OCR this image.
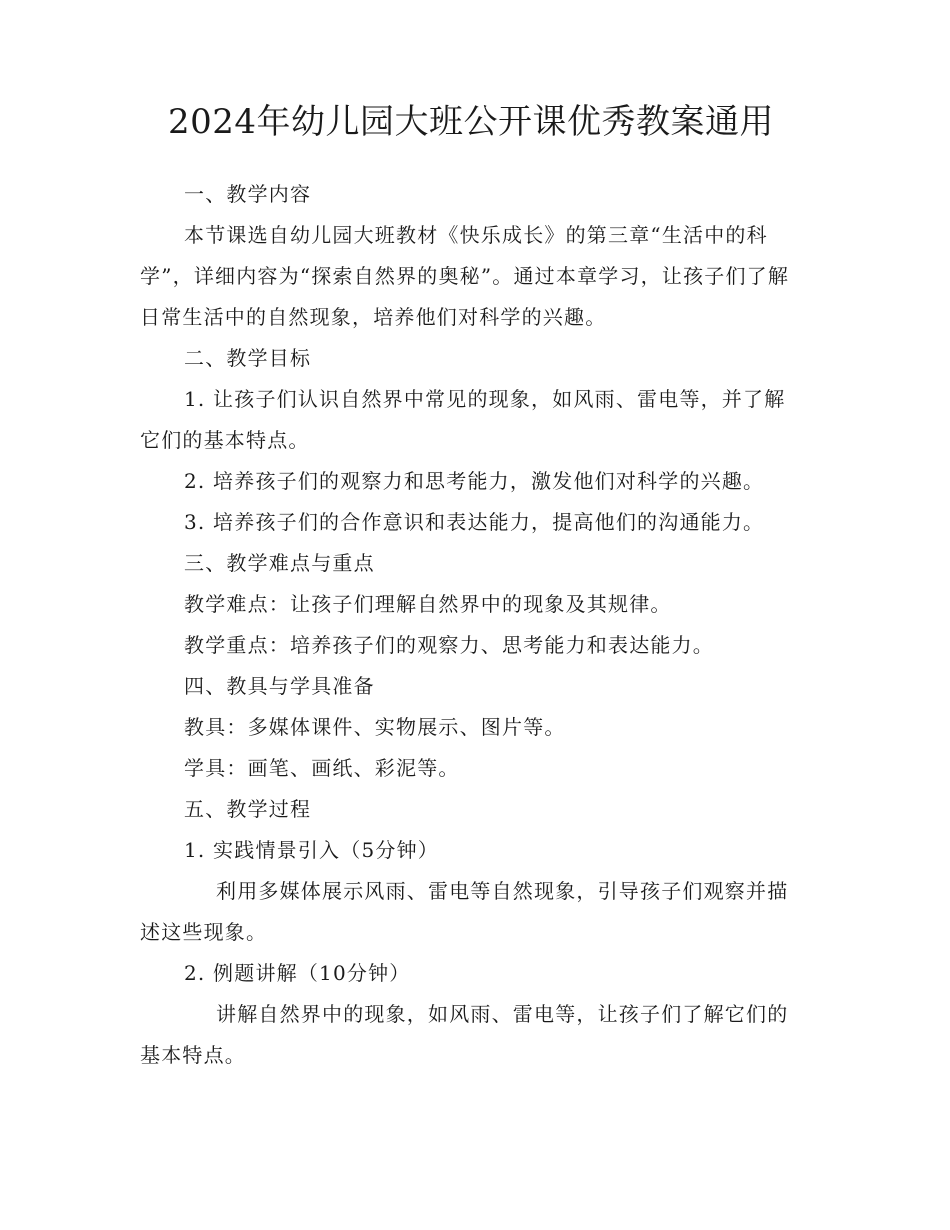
2024年幼儿园大班公开课优秀教案通用

一、教学内容

本节课选自幼儿园大班教材《快乐成长》的第三章“生活中的科学”，详细内容为“探索自然界的奥秘”。通过本章学习，让孩子们了解日常生活中的自然现象，培养他们对科学的兴趣。

二、教学目标

1. 让孩子们认识自然界中常见的现象，如风雨、雷电等，并了解它们的基本特点。

2. 培养孩子们的观察力和思考能力，激发他们对科学的兴趣。

3. 培养孩子们的合作意识和表达能力，提高他们的沟通能力。

三、教学难点与重点

教学难点：让孩子们理解自然界中的现象及其规律。

教学重点：培养孩子们的观察力、思考能力和表达能力。

四、教具与学具准备

教具：多媒体课件、实物展示、图片等。

学具：画笔、画纸、彩泥等。

五、教学过程

1. 实践情景引入（5分钟）

利用多媒体展示风雨、雷电等自然现象，引导孩子们观察并描述这些现象。

2. 例题讲解（10分钟）

讲解自然界中的现象，如风雨、雷电等，让孩子们了解它们的基本特点。
